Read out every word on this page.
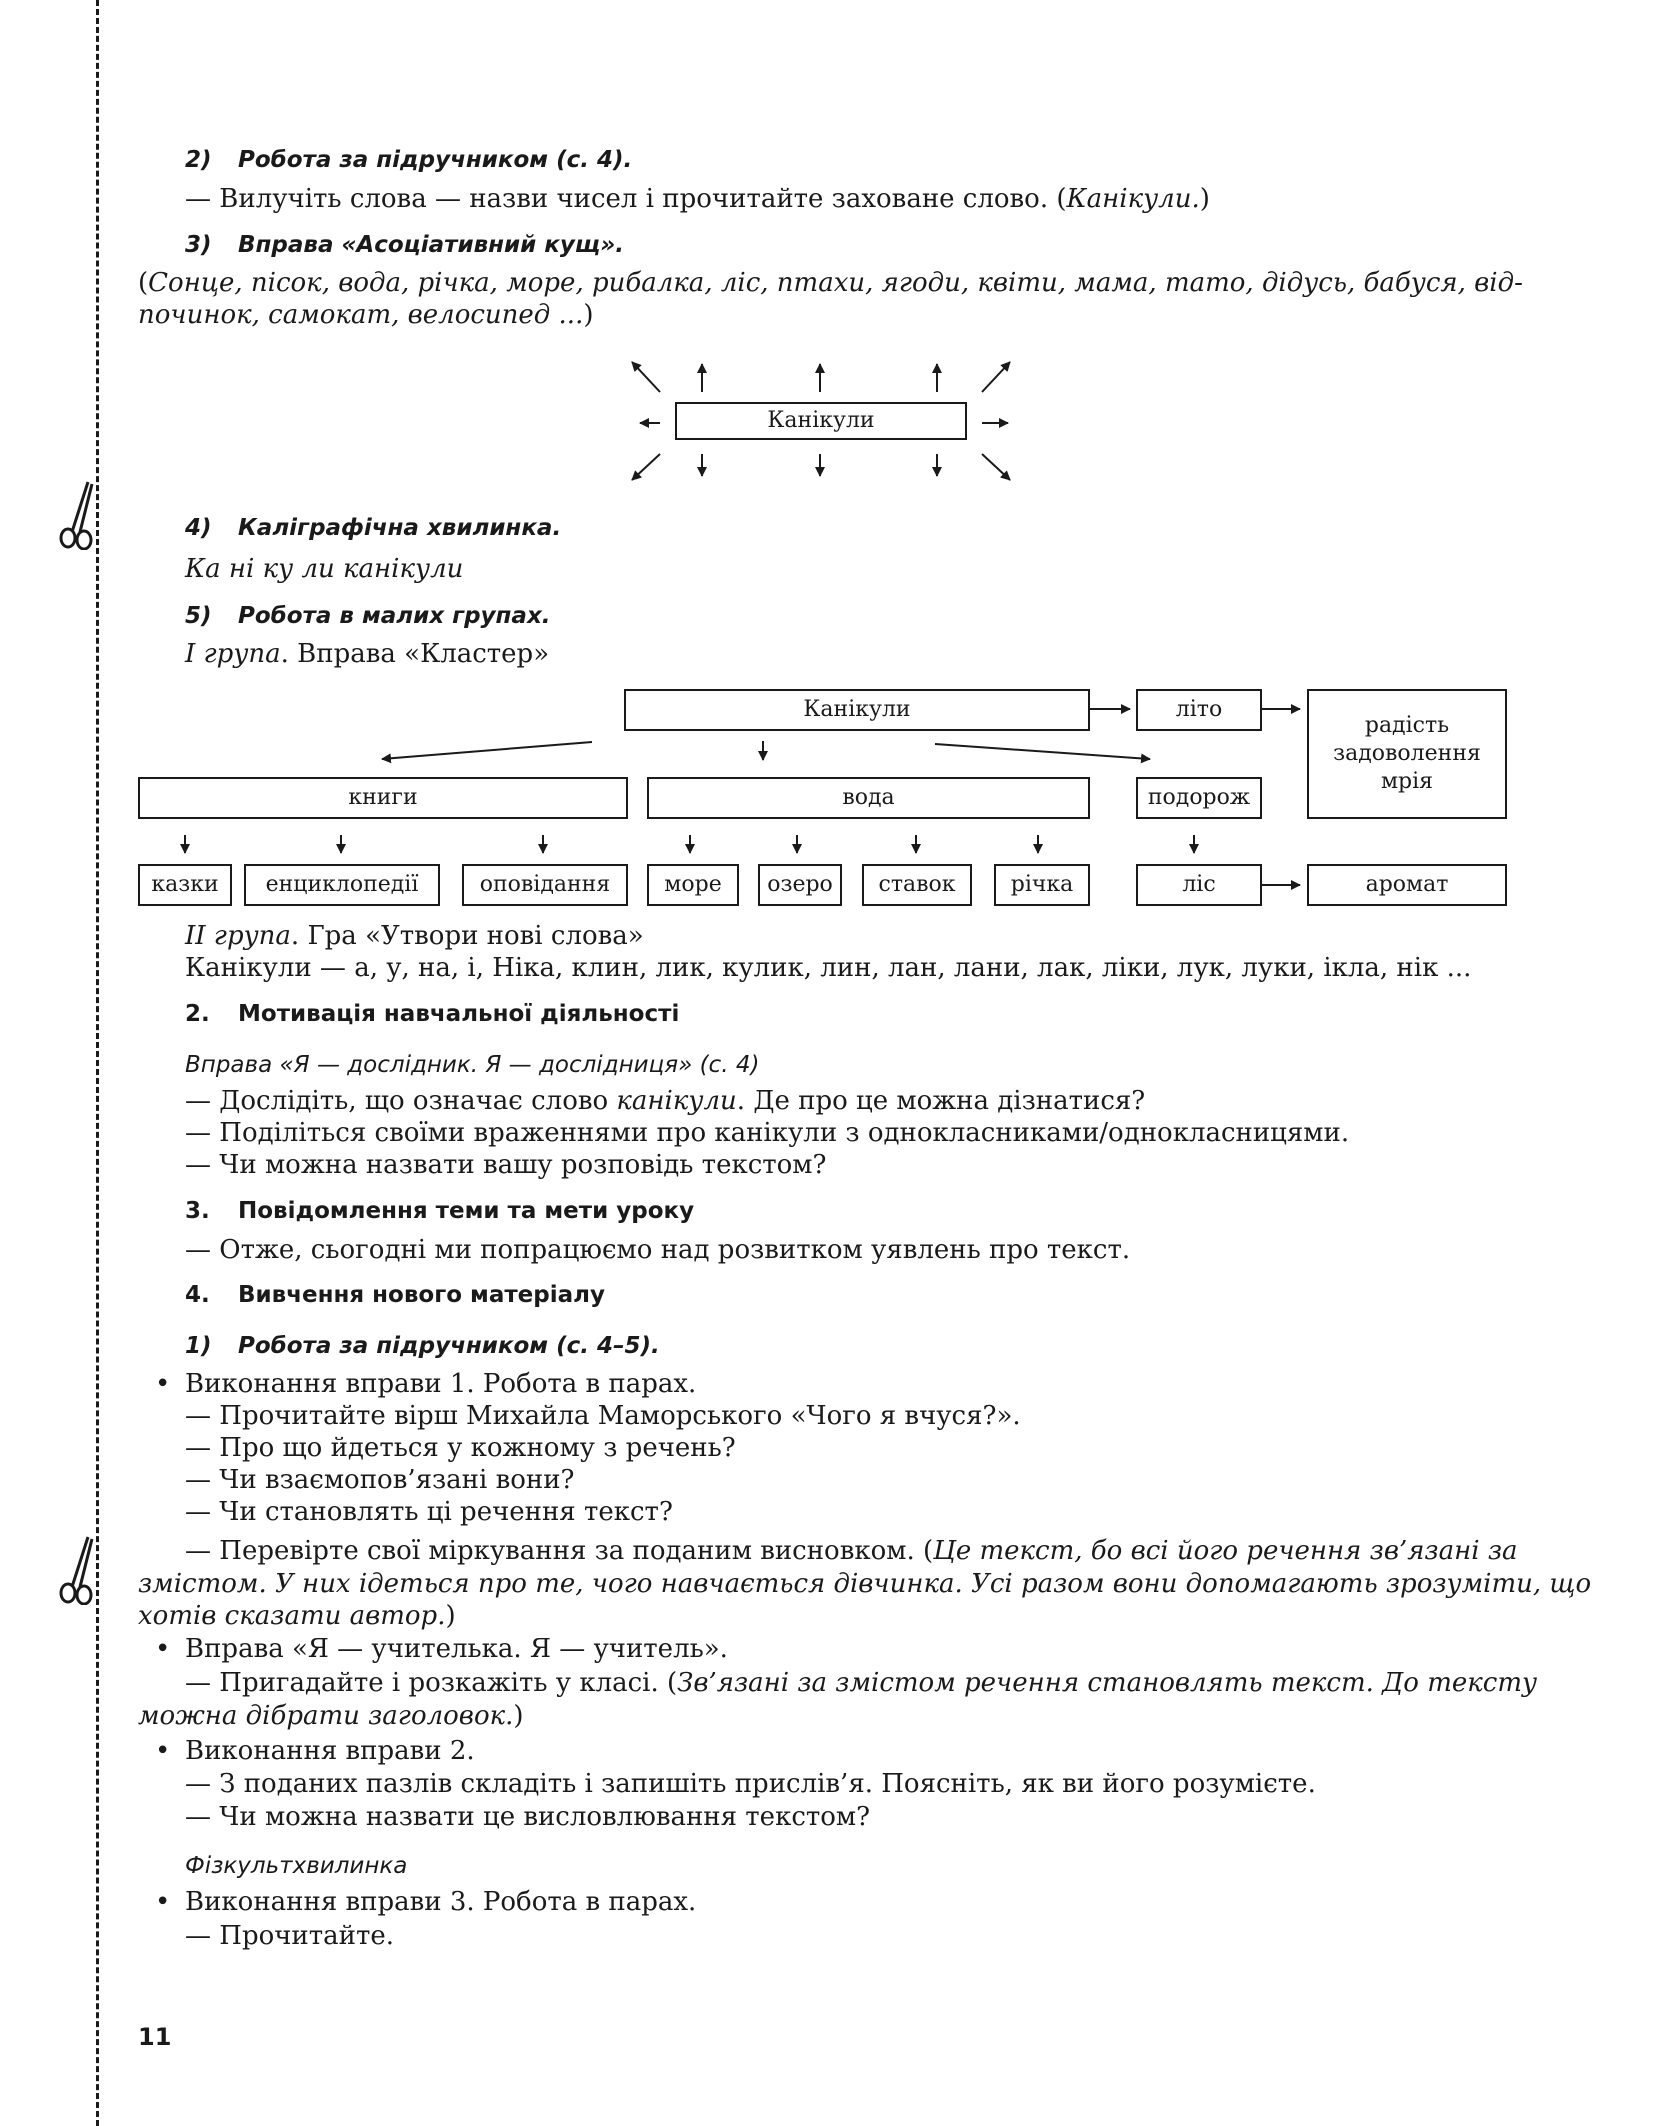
2) Робота за підручником (с. 4).
— Вилучіть слова — назви чисел і прочитайте заховане слово. (Канікули.)
3) Вправа «Асоціативний кущ».
(Сонце, пісок, вода, річка, море, рибалка, ліс, птахи, ягоди, квіти, мама, тато, дідусь, бабуся, від-
починок, самокат, велосипед ...)
Канікули
4) Каліграфічна хвилинка.
Ка ні ку ли канікули
5) Робота в малих групах.
І група. Вправа «Кластер»
Канікули	літо
радість
задоволення
мрія
книги	вода	подорож
казки енциклопедії	оповідання море озеро ставок	річка	ліс	аромат
ІІ група. Гра «Утвори нові слова»
Канікули — а, у, на, і, Ніка, клин, лик, кулик, лин, лан, лани, лак, ліки, лук, луки, ікла, нік ...
2. Мотивація навчальної діяльності
Вправа «Я — дослідник. Я — дослідниця» (с. 4)
— Дослідіть, що означає слово канікули. Де про це можна дізнатися?
— Поділіться своїми враженнями про канікули з однокласниками/однокласницями.
— Чи можна назвати вашу розповідь текстом?
3. Повідомлення теми та мети уроку
— Отже, сьогодні ми попрацюємо над розвитком уявлень про текст.
4. Вивчення нового матеріалу
1) Робота за підручником (с. 4–5).
• Виконання вправи 1. Робота в парах.
— Прочитайте вірш Михайла Маморського «Чого я вчуся?».
— Про що йдеться у кожному з речень?
— Чи взаємопов’язані вони?
— Чи становлять ці речення текст?
— Перевірте свої міркування за поданим висновком. (Це текст, бо всі його речення зв’язані за
змістом. У них ідеться про те, чого навчається дівчинка. Усі разом вони допомагають зрозуміти, що
хотів сказати автор.)
• Вправа «Я — учителька. Я — учитель».
— Пригадайте і розкажіть у класі. (Зв’язані за змістом речення становлять текст. До тексту
можна дібрати заголовок.)
• Виконання вправи 2.
— З поданих пазлів складіть і запишіть прислів’я. Поясніть, як ви його розумієте.
— Чи можна назвати це висловлювання текстом?
Фізкультхвилинка
• Виконання вправи 3. Робота в парах.
— Прочитайте.
11
